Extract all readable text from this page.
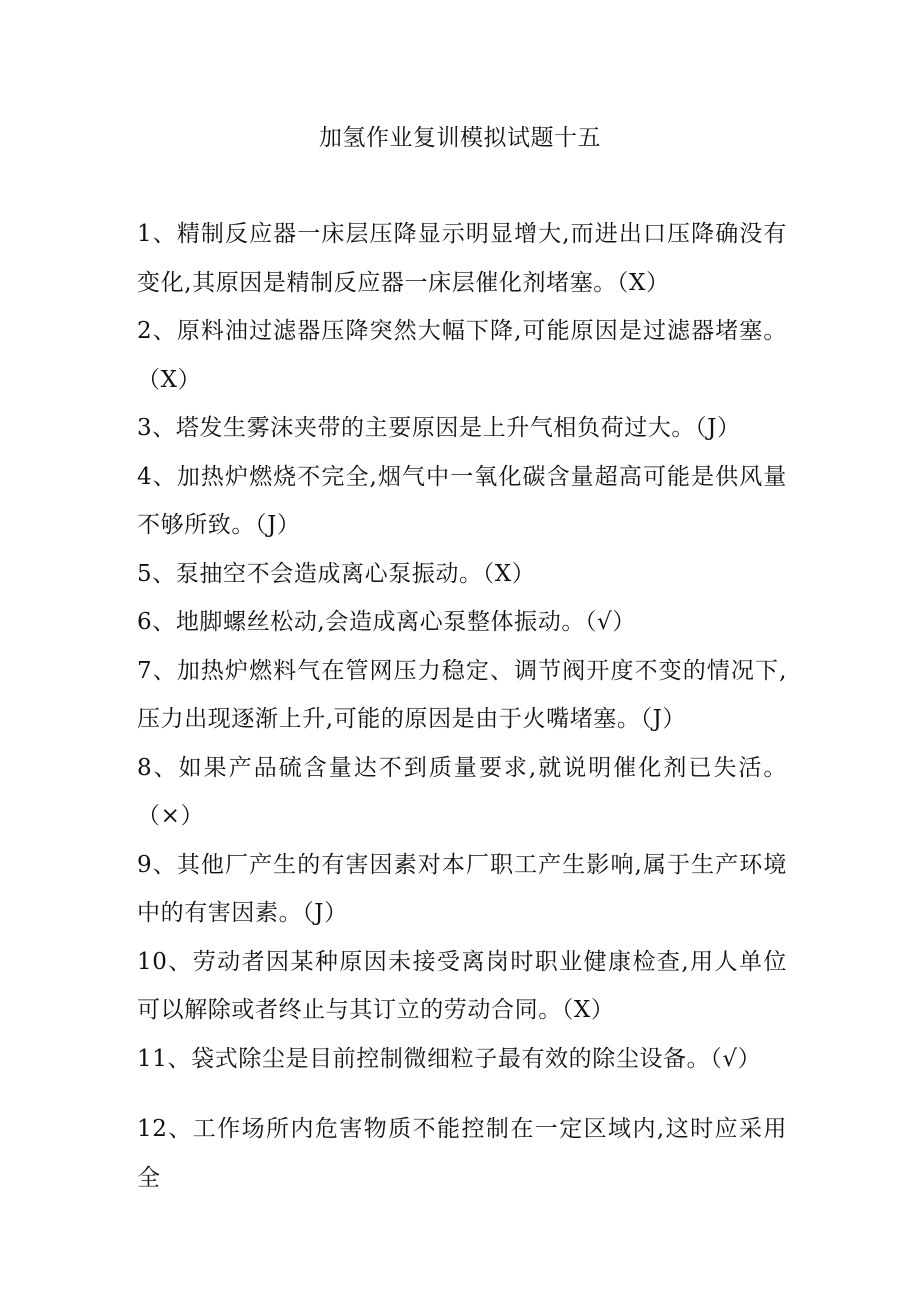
加氢作业复训模拟试题十五
1、精制反应器一床层压降显示明显增大,而进出口压降确没有变化,其原因是精制反应器一床层催化剂堵塞。（X）
2、原料油过滤器压降突然大幅下降,可能原因是过滤器堵塞。（X）
3、塔发生雾沫夹带的主要原因是上升气相负荷过大。（J）
4、加热炉燃烧不完全,烟气中一氧化碳含量超高可能是供风量不够所致。（J）
5、泵抽空不会造成离心泵振动。（X）
6、地脚螺丝松动,会造成离心泵整体振动。（√）
7、加热炉燃料气在管网压力稳定、调节阀开度不变的情况下,压力出现逐渐上升,可能的原因是由于火嘴堵塞。（J）
8、如果产品硫含量达不到质量要求,就说明催化剂已失活。（×）
9、其他厂产生的有害因素对本厂职工产生影响,属于生产环境中的有害因素。（J）
10、劳动者因某种原因未接受离岗时职业健康检查,用人单位可以解除或者终止与其订立的劳动合同。（X）
11、袋式除尘是目前控制微细粒子最有效的除尘设备。（√）
12、工作场所内危害物质不能控制在一定区域内,这时应采用全
